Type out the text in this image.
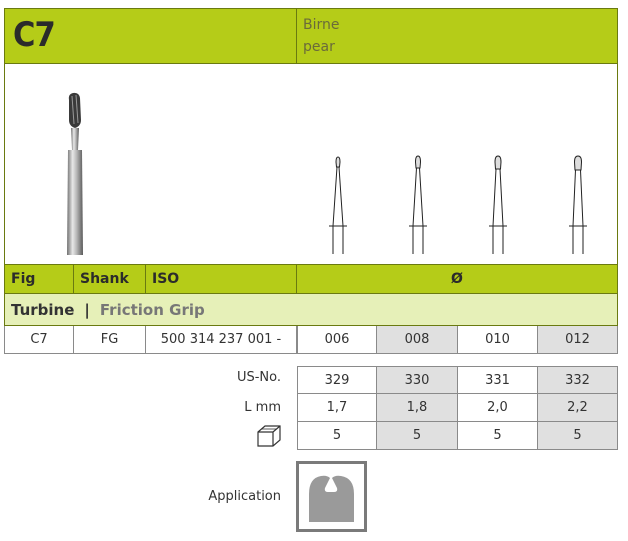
C7	Birne
pear
Fig	Shank	ISO	Ø
Turbine | Friction Grip
C7	FG	500 314 237 001 -	006	008	010	012
US-No.	329	330	331	332
L mm	1,7	1,8	2,0	2,2
5	5	5	5
Application
